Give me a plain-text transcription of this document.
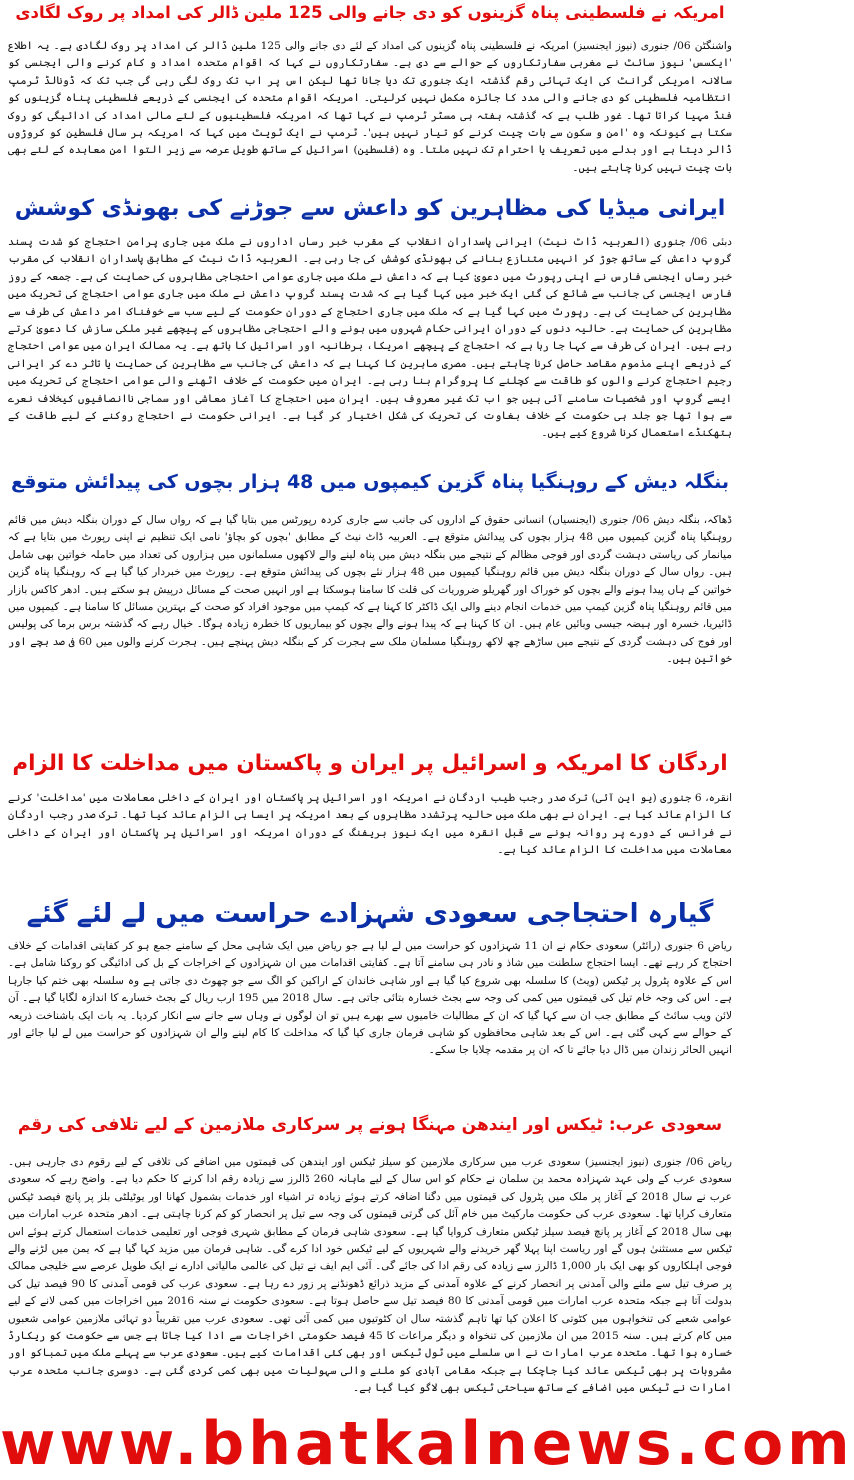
امریکہ نے فلسطینی پناہ گزینوں کو دی جانے والی 125 ملین ڈالر کی امداد پر روک لگادی

واشنگٹن 06/ جنوری (نیوز ایجنسیز) امریکہ نے فلسطینی پناہ گزینوں کی امداد کے لئے دی جانے والی 125 ملین ڈالر کی امداد پر روک لگادی ہے۔ یہ اطلاع 'ایکسس' نیوز سائٹ نے مغربی سفارتکاروں کے حوالے سے دی ہے۔ سفارتکاروں نے کہا کہ اقوام متحدہ امداد و کام کرنے والی ایجنسی کو سالانہ امریکی گرانٹ کی ایک تہائی رقم گذشتہ ایک جنوری تک دیا جانا تھا لیکن اس پر اب تک روک لگی رہی گی جب تک کہ ڈونالڈ ٹرمپ انتظامیہ فلسطینی کو دی جانے والی مدد کا جائزہ مکمل نہیں کرلیتی۔ امریکہ اقوام متحدہ کی ایجنسی کے ذریعے فلسطینی پناہ گزینوں کو فنڈ مہیا کراتا تھا۔ غور طلب ہے کہ گذشتہ ہفتہ ہی مسٹر ٹرمپ نے کہا تھا کہ امریکہ فلسطینیوں کے لئے مالی امداد کی ادائیگی کو روک سکتا ہے کیونکہ وہ 'امن و سکون سے بات چیت کرنے کو تیار نہیں ہیں'۔ ٹرمپ نے ایک ٹویٹ میں کہا کہ امریکہ ہر سال فلسطین کو کروڑوں ڈالر دیتا ہے اور بدلے میں تعریف یا احترام تک نہیں ملتا۔ وہ (فلسطین) اسرائیل کے ساتھ طویل عرصہ سے زیر التوا امن معاہدہ کے لئے بھی بات چیت نہیں کرنا چاہتے ہیں۔

ایرانی میڈیا کی مظاہرین کو داعش سے جوڑنے کی بھونڈی کوشش

دبئی 06/ جنوری (العربیہ ڈاٹ نیٹ) ایرانی پاسداران انقلاب کے مقرب خبر رساں اداروں نے ملک میں جاری پرامن احتجاج کو شدت پسند گروپ داعش کے ساتھ جوڑ کر انہیں متنازع بنانے کی بھونڈی کوشش کی جا رہی ہے۔ العربیہ ڈاٹ نیٹ کے مطابق پاسداران انقلاب کی مقرب خبر رساں ایجنسی فارس نے اپنی رپورٹ میں دعویٰ کیا ہے کہ داعش نے ملک میں جاری عوامی احتجاجی مظاہروں کی حمایت کی ہے۔ جمعہ کے روز فارس ایجنسی کی جانب سے شائع کی گئی ایک خبر میں کہا گیا ہے کہ شدت پسند گروپ داعش نے ملک میں جاری عوامی احتجاج کی تحریک میں مظاہرین کی حمایت کی ہے۔ رپورٹ میں کہا گیا ہے کہ ملک میں جاری احتجاج کے دوران حکومت کے لیے سب سے خوفناک امر داعش کی طرف سے مظاہرین کی حمایت ہے۔ حالیہ دنوں کے دوران ایرانی حکام شہروں میں ہونے والے احتجاجی مظاہروں کے پیچھے غیر ملکی سازش کا دعویٰ کرتے رہے ہیں۔ ایران کی طرف سے کہا جا رہا ہے کہ احتجاج کے پیچھے امریکا، برطانیہ اور اسرائیل کا ہاتھ ہے۔ یہ ممالک ایران میں عوامی احتجاج کے ذریعے اپنے مذموم مقاصد حاصل کرنا چاہتے ہیں۔ مصری ماہرین کا کہنا ہے کہ داعش کی جانب سے مظاہرین کی حمایت یا تاثر دے کر ایرانی رجیم احتجاج کرنے والوں کو طاقت سے کچلنے کا پروگرام بنا رہی ہے۔ ایران میں حکومت کے خلاف اٹھنے والی عوامی احتجاج کی تحریک میں ایسے گروپ اور شخصیات سامنے آئی ہیں جو اب تک غیر معروف ہیں۔ ایران میں احتجاج کا آغاز معاشی اور سماجی ناانصافیوں کیخلاف نعرے سے ہوا تھا جو جلد ہی حکومت کے خلاف بغاوت کی تحریک کی شکل اختیار کر گیا ہے۔ ایرانی حکومت نے احتجاج روکنے کے لیے طاقت کے ہتھکنڈے استعمال کرنا شروع کیے ہیں۔

بنگلہ دیش کے روہنگیا پناہ گزین کیمپوں میں 48 ہزار بچوں کی پیدائش متوقع

ڈھاکہ، بنگلہ دیش 06/ جنوری (ایجنسیاں) انسانی حقوق کے اداروں کی جانب سے جاری کردہ رپورٹس میں بتایا گیا ہے کہ رواں سال کے دوران بنگلہ دیش میں قائم روہنگیا پناہ گزین کیمپوں میں 48 ہزار بچوں کی پیدائش متوقع ہے۔ العربیہ ڈاٹ نیٹ کے مطابق 'بچوں کو بچاؤ' نامی ایک تنظیم نے اپنی رپورٹ میں بتایا ہے کہ میانمار کی ریاستی دہشت گردی اور فوجی مظالم کے نتیجے میں بنگلہ دیش میں پناہ لینے والے لاکھوں مسلمانوں میں ہزاروں کی تعداد میں حاملہ خواتین بھی شامل ہیں۔ رواں سال کے دوران بنگلہ دیش میں قائم روہنگیا کیمپوں میں 48 ہزار نئے بچوں کی پیدائش متوقع ہے۔ رپورٹ میں خبردار کیا گیا ہے کہ روہنگیا پناہ گزین خواتین کے ہاں پیدا ہونے والے بچوں کو خوراک اور گھریلو ضروریات کی قلت کا سامنا ہوسکتا ہے اور انہیں صحت کے مسائل درپیش ہو سکتے ہیں۔ ادھر کاکس بازار میں قائم روہنگیا پناہ گزین کیمپ میں خدمات انجام دینے والی ایک ڈاکٹر کا کہنا ہے کہ کیمپ میں موجود افراد کو صحت کے بہترین مسائل کا سامنا ہے۔ کیمپوں میں ڈائیریا، خسرہ اور ہیضہ جیسی وبائیں عام ہیں۔ ان کا کہنا ہے کہ پیدا ہونے والے بچوں کو بیماریوں کا خطرہ زیادہ ہوگا۔ خیال رہے کہ گذشتہ برس برما کی پولیس اور فوج کی دہشت گردی کے نتیجے میں ساڑھے چھ لاکھ روہنگیا مسلمان ملک سے ہجرت کر کے بنگلہ دیش پہنچے ہیں۔ ہجرت کرنے والوں میں 60 فی صد بچے اور خواتین ہیں۔

اردگان کا امریکہ و اسرائیل پر ایران و پاکستان میں مداخلت کا الزام

انقرہ، 6 جنوری (یو این آئی) ترک صدر رجب طیب اردگان نے امریکہ اور اسرائیل پر پاکستان اور ایران کے داخلی معاملات میں 'مداخلت' کرنے کا الزام عائد کیا ہے۔ ایران نے بھی ملک میں حالیہ پرتشدد مظاہروں کے بعد امریکہ پر ایسا ہی الزام عائد کیا تھا۔ ترک صدر رجب اردگان نے فرانس کے دورے پر روانہ ہونے سے قبل انقرہ میں ایک نیوز بریفنگ کے دوران امریکہ اور اسرائیل پر پاکستان اور ایران کے داخلی معاملات میں مداخلت کا الزام عائد کیا ہے۔

گیارہ احتجاجی سعودی شہزادے حراست میں لے لئے گئے

ریاض 6 جنوری (رائٹر) سعودی حکام نے ان 11 شہزادوں کو حراست میں لے لیا ہے جو ریاض میں ایک شاہی محل کے سامنے جمع ہو کر کفایتی اقدامات کے خلاف احتجاج کر رہے تھے۔ ایسا احتجاج سلطنت میں شاذ و نادر ہی سامنے آتا ہے۔ کفایتی اقدامات میں ان شہزادوں کے اخراجات کے بل کی ادائیگی کو روکنا شامل ہے۔ اس کے علاوہ پٹرول پر ٹیکس (ویٹ) کا سلسلہ بھی شروع کیا گیا ہے اور شاہی خاندان کے اراکین کو الگ سے جو چھوٹ دی جاتی ہے وہ سلسلہ بھی ختم کیا جارہا ہے۔ اس کی وجہ خام تیل کی قیمتوں میں کمی کی وجہ سے بجٹ خسارہ بتائی جاتی ہے۔ سال 2018 میں 195 ارب ریال کے بجٹ خسارے کا اندازہ لگایا گیا ہے۔ آن لائن ویب سائٹ کے مطابق جب ان سے کہا گیا کہ ان کے مطالبات خامیوں سے بھرے ہیں تو ان لوگوں نے وہاں سے جانے سے انکار کردیا۔ یہ بات ایک باشناخت ذریعہ کے حوالے سے کہی گئی ہے۔ اس کے بعد شاہی محافظوں کو شاہی فرمان جاری کیا گیا کہ مداخلت کا کام لینے والے ان شہزادوں کو حراست میں لے لیا جائے اور انہیں الحائر زندان میں ڈال دیا جائے تا کہ ان پر مقدمہ چلایا جا سکے۔

سعودی عرب: ٹیکس اور ایندھن مہنگا ہونے پر سرکاری ملازمین کے لیے تلافی کی رقم

ریاض 06/ جنوری (نیوز ایجنسیز) سعودی عرب میں سرکاری ملازمین کو سیلز ٹیکس اور ایندھن کی قیمتوں میں اضافے کی تلافی کے لیے رقوم دی جارہی ہیں۔ سعودی عرب کے ولی عہد شہزادہ محمد بن سلمان نے حکام کو اس سال کے لیے ماہانہ 260 ڈالرز سے زیادہ رقم ادا کرنے کا حکم دیا ہے۔ واضح رہے کہ سعودی عرب نے سال 2018 کے آغاز پر ملک میں پٹرول کی قیمتوں میں دگنا اضافہ کرتے ہوئے زیادہ تر اشیاء اور خدمات بشمول کھانا اور یوٹیلٹی بلز پر پانچ فیصد ٹیکس متعارف کرایا تھا۔ سعودی عرب کی حکومت مارکیٹ میں خام آئل کی گرتی قیمتوں کی وجہ سے تیل پر انحصار کو کم کرنا چاہتی ہے۔ ادھر متحدہ عرب امارات میں بھی سال 2018 کے آغاز پر پانچ فیصد سیلز ٹیکس متعارف کروایا گیا ہے۔ سعودی شاہی فرمان کے مطابق شہری فوجی اور تعلیمی خدمات استعمال کرتے ہوئے اس ٹیکس سے مستثنیٰ ہوں گے اور ریاست اپنا پہلا گھر خریدنے والے شہریوں کے لیے ٹیکس خود ادا کرے گی۔ شاہی فرمان میں مزید کہا گیا ہے کہ یمن میں لڑنے والے فوجی اہلکاروں کو بھی ایک بار 1,000 ڈالرز سے زیادہ کی رقم ادا کی جائے گی۔ آئی ایم ایف نے تیل کی عالمی مالیاتی ادارے نے ایک طویل عرصے سے خلیجی ممالک پر صرف تیل سے ملنے والی آمدنی پر انحصار کرنے کے علاوہ آمدنی کے مزید ذرائع ڈھونڈنے پر زور دے رہا ہے۔ سعودی عرب کی قومی آمدنی کا 90 فیصد تیل کی بدولت آتا ہے جبکہ متحدہ عرب امارات میں قومی آمدنی کا 80 فیصد تیل سے حاصل ہوتا ہے۔ سعودی حکومت نے سنہ 2016 میں اخراجات میں کمی لانے کے لیے عوامی شعبے کی تنخواہوں میں کٹوتی کا اعلان کیا تھا تاہم گذشتہ سال ان کٹوتیوں میں کمی آئی تھی۔ سعودی عرب میں تقریباً دو تہائی ملازمین عوامی شعبوں میں کام کرتے ہیں۔ سنہ 2015 میں ان ملازمین کی تنخواہ و دیگر مراعات کا 45 فیصد حکومتی اخراجات سے ادا کیا جاتا ہے جس سے حکومت کو ریکارڈ خسارہ ہوا تھا۔ متحدہ عرب امارات نے اس سلسلے میں ٹول ٹیکس اور بھی کئی اقدامات کیے ہیں۔ سعودی عرب سے پہلے ملک میں تمباکو اور مشروبات پر بھی ٹیکس عائد کیا جاچکا ہے جبکہ مقامی آبادی کو ملنے والی سہولیات میں بھی کمی کردی گئی ہے۔ دوسری جانب متحدہ عرب امارات نے ٹیکس میں اضافے کے ساتھ سیاحتی ٹیکس بھی لاگو کیا گیا ہے۔

www.bhatkalnews.com
